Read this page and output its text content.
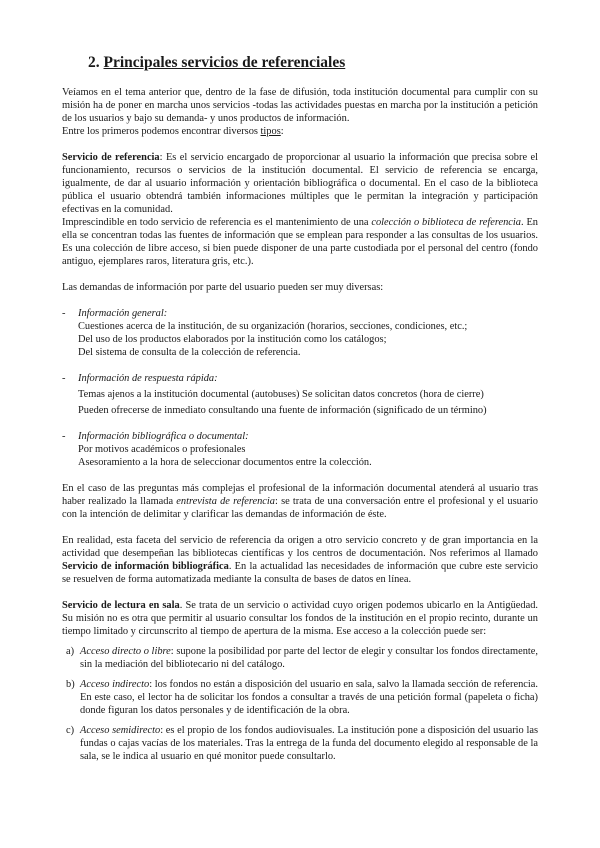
2. Principales servicios de referenciales

Veíamos en el tema anterior que, dentro de la fase de difusión, toda institución documental para cumplir con su misión ha de poner en marcha unos servicios -todas las actividades puestas en marcha por la institución a petición de los usuarios y bajo su demanda- y unos productos de información.

Entre los primeros podemos encontrar diversos tipos:

Servicio de referencia: Es el servicio encargado de proporcionar al usuario la información que precisa sobre el funcionamiento, recursos o servicios de la institución documental. El servicio de referencia se encarga, igualmente, de dar al usuario información y orientación bibliográfica o documental. En el caso de la biblioteca pública el usuario obtendrá también informaciones múltiples que le permitan la integración y participación efectivas en la comunidad.

Imprescindible en todo servicio de referencia es el mantenimiento de una colección o biblioteca de referencia. En ella se concentran todas las fuentes de información que se emplean para responder a las consultas de los usuarios. Es una colección de libre acceso, si bien puede disponer de una parte custodiada por el personal del centro (fondo antiguo, ejemplares raros, literatura gris, etc.).

Las demandas de información por parte del usuario pueden ser muy diversas:

- Información general:
Cuestiones acerca de la institución, de su organización (horarios, secciones, condiciones, etc.;
Del uso de los productos elaborados por la institución como los catálogos;
Del sistema de consulta de la colección de referencia.
- Información de respuesta rápida:
Temas ajenos a la institución documental (autobuses) Se solicitan datos concretos (hora de cierre)
Pueden ofrecerse de inmediato consultando una fuente de información (significado de un término)
- Información bibliográfica o documental:
Por motivos académicos o profesionales
Asesoramiento a la hora de seleccionar documentos entre la colección.

En el caso de las preguntas más complejas el profesional de la información documental atenderá al usuario tras haber realizado la llamada entrevista de referencia: se trata de una conversación entre el profesional y el usuario con la intención de delimitar y clarificar las demandas de información de éste.

En realidad, esta faceta del servicio de referencia da origen a otro servicio concreto y de gran importancia en la actividad que desempeñan las bibliotecas científicas y los centros de documentación. Nos referimos al llamado Servicio de información bibliográfica. En la actualidad las necesidades de información que cubre este servicio se resuelven de forma automatizada mediante la consulta de bases de datos en línea.

Servicio de lectura en sala. Se trata de un servicio o actividad cuyo origen podemos ubicarlo en la Antigüedad. Su misión no es otra que permitir al usuario consultar los fondos de la institución en el propio recinto, durante un tiempo limitado y circunscrito al tiempo de apertura de la misma. Ese acceso a la colección puede ser:

a) Acceso directo o libre: supone la posibilidad por parte del lector de elegir y consultar los fondos directamente, sin la mediación del bibliotecario ni del catálogo.

b) Acceso indirecto: los fondos no están a disposición del usuario en sala, salvo la llamada sección de referencia. En este caso, el lector ha de solicitar los fondos a consultar a través de una petición formal (papeleta o ficha) donde figuran los datos personales y de identificación de la obra.

c) Acceso semidirecto: es el propio de los fondos audiovisuales. La institución pone a disposición del usuario las fundas o cajas vacías de los materiales. Tras la entrega de la funda del documento elegido al responsable de la sala, se le indica al usuario en qué monitor puede consultarlo.
